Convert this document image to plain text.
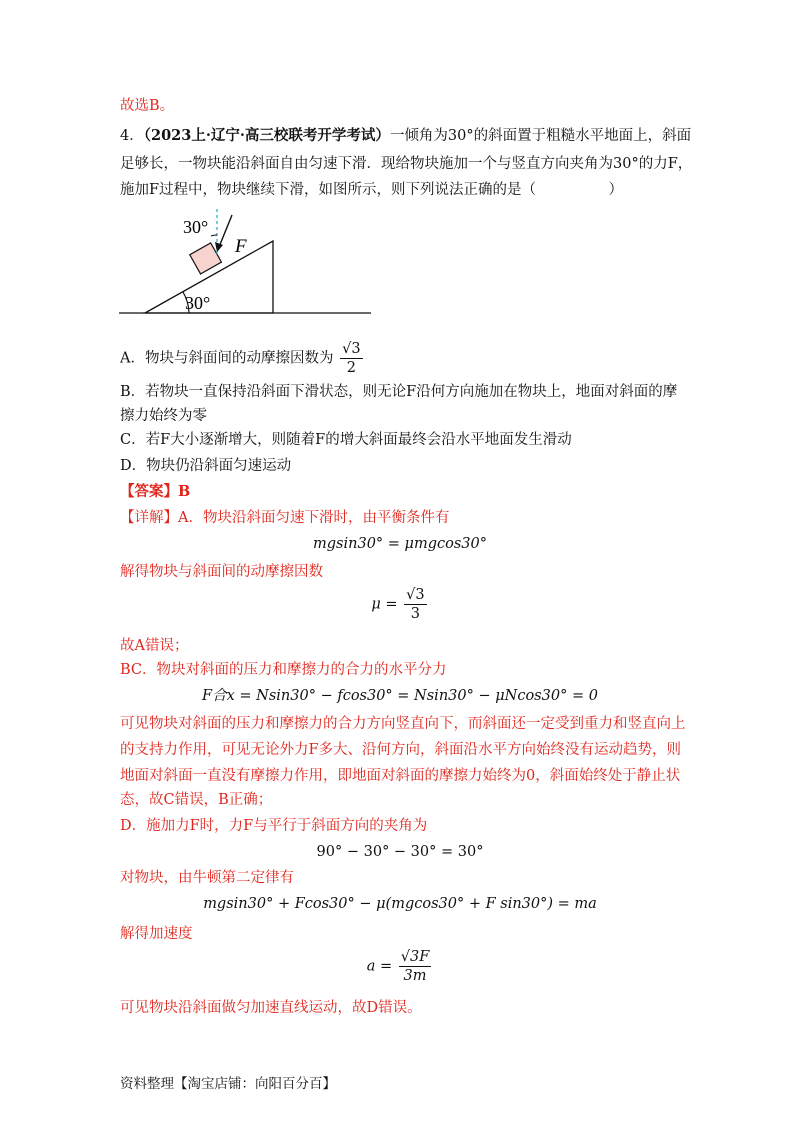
故选B。
4．（2023上·辽宁·高三校联考开学考试）一倾角为30°的斜面置于粗糙水平地面上，斜面
足够长，一物块能沿斜面自由匀速下滑．现给物块施加一个与竖直方向夹角为30°的力F，
施加F过程中，物块继续下滑，如图所示，则下列说法正确的是（　　　　　）
30°
30°
F
A．物块与斜面间的动摩擦因数为 $\frac{√3}{2}$
B．若物块一直保持沿斜面下滑状态，则无论F沿何方向施加在物块上，地面对斜面的摩
擦力始终为零
C．若F大小逐渐增大，则随着F的增大斜面最终会沿水平地面发生滑动
D．物块仍沿斜面匀速运动
【答案】B
【详解】A．物块沿斜面匀速下滑时，由平衡条件有
mgsin30° = μmgcos30°
解得物块与斜面间的动摩擦因数
$\mu = \frac{√3}{3}$
故A错误；
BC．物块对斜面的压力和摩擦力的合力的水平分力
F合x = Nsin30° − fcos30° = Nsin30° − μNcos30° = 0
可见物块对斜面的压力和摩擦力的合力方向竖直向下，而斜面还一定受到重力和竖直向上
的支持力作用，可见无论外力F多大、沿何方向，斜面沿水平方向始终没有运动趋势，则
地面对斜面一直没有摩擦力作用，即地面对斜面的摩擦力始终为0，斜面始终处于静止状
态，故C错误，B正确；
D．施加力F时，力F与平行于斜面方向的夹角为
90° − 30° − 30° = 30°
对物块，由牛顿第二定律有
mgsin30° + Fcos30° − μ(mgcos30° + F sin30°) = ma
解得加速度
$a = \frac{√3F}{3m}$
可见物块沿斜面做匀加速直线运动，故D错误。
资料整理【淘宝店铺：向阳百分百】
